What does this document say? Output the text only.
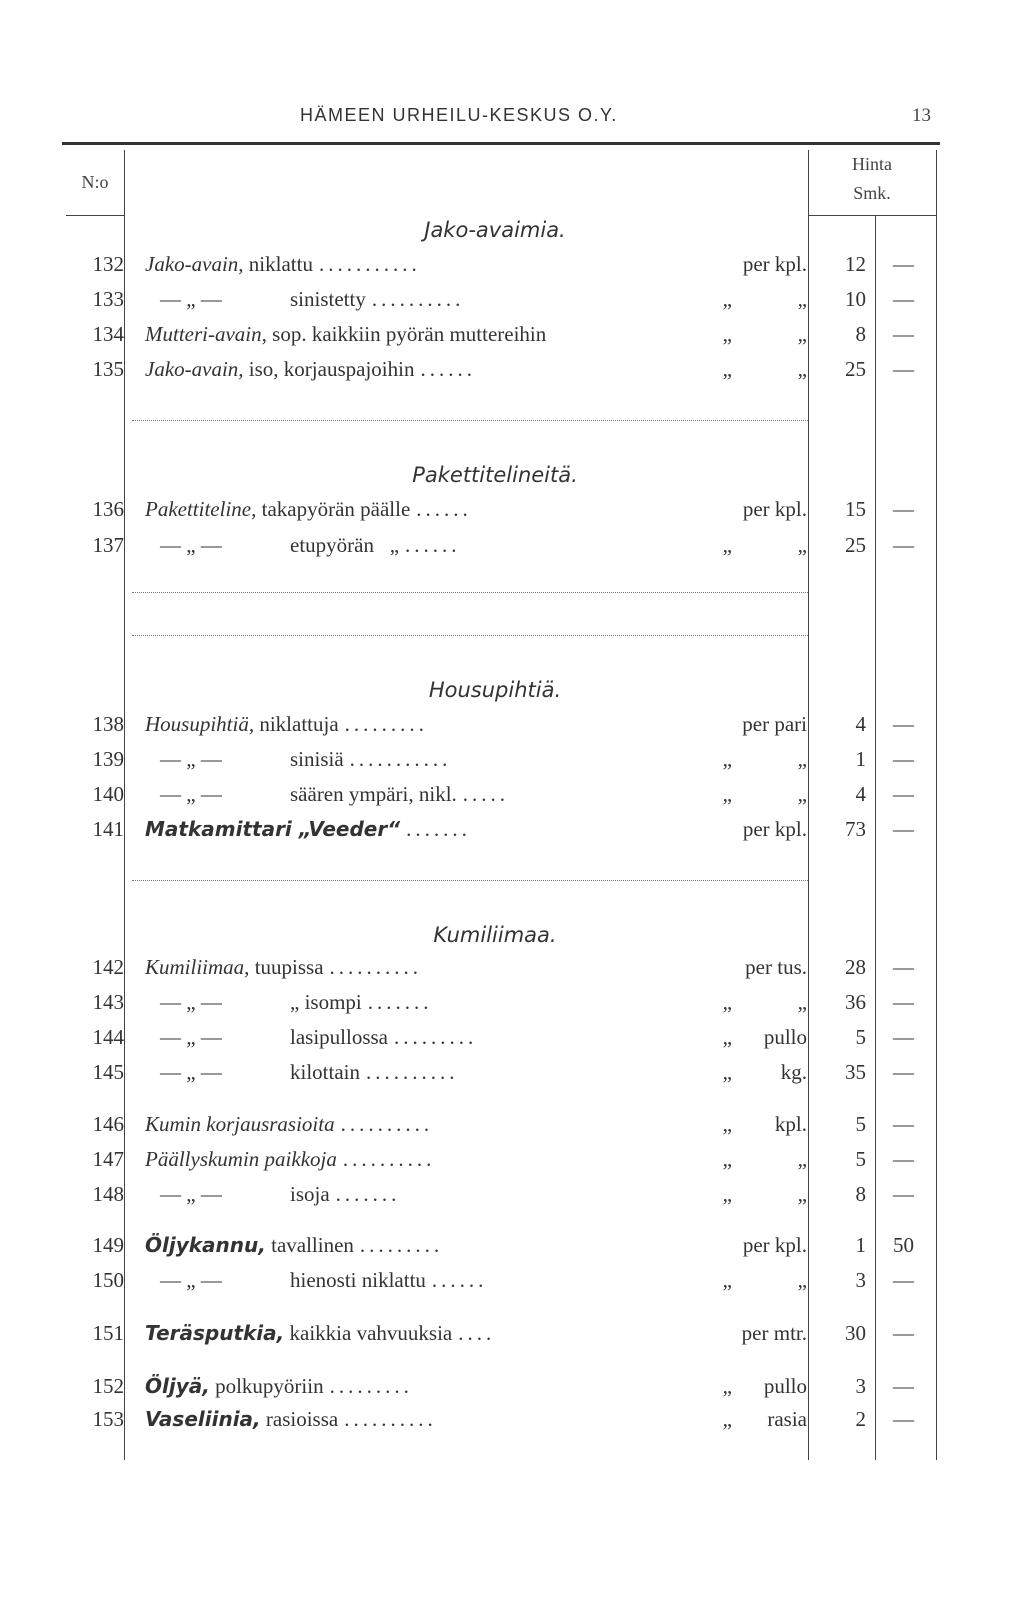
HÄMEEN URHEILU-KESKUS O.Y.	13
N:o
Hinta
Smk.
Jako-avaimia.
Pakettitelineitä.
Housupihtiä.
Kumiliimaa.
132 Jako-avain, niklattu ...........	per kpl.	12	—
133 — „ —	sinistetty ..........	„	„	10	—
134 Mutteri-avain, sop. kaikkiin pyörän muttereihin	„	„	8	—
135 Jako-avain, iso, korjauspajoihin ......	„	„	25	—
136 Pakettiteline, takapyörän päälle ......	per kpl.	15	—
137 — „ —	etupyörän   „ ......	„	„	25	—
138 Housupihtiä, niklattuja .........	per pari	4	—
139 — „ —	sinisiä ...........	„	„	1	—
140 — „ —	säären ympäri, nikl. .....	„	„	4	—
141 Matkamittari „Veeder“ .......	per kpl.	73	—
142 Kumiliimaa, tuupissa ..........	per tus.	28	—
143 — „ —	„ isompi .......	„	„	36	—
144 — „ —	lasipullossa .........	„	pullo	5	—
145 — „ —	kilottain ..........	„	kg.	35	—
146 Kumin korjausrasioita ..........	„	kpl.	5	—
147 Päällyskumin paikkoja ..........	„	„	5	—
148 — „ —	isoja .......	„	„	8	—
149 Öljykannu, tavallinen .........	per kpl.	1	50
150 — „ —	hienosti niklattu ......	„	„	3	—
151 Teräsputkia, kaikkia vahvuuksia ....	per mtr.	30	—
152 Öljyä, polkupyöriin .........	„	pullo	3	—
153 Vaseliinia, rasioissa ..........	„	rasia	2	—
